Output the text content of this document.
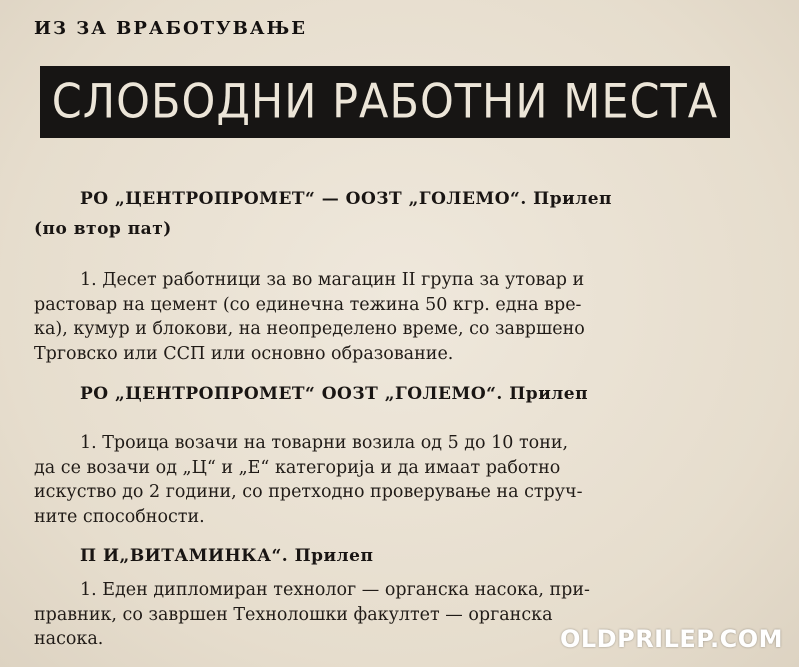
ИЗ ЗА ВРАБОТУВАЊЕ
СЛОБОДНИ РАБОТНИ МЕСТА
РО „ЦЕНТРОПРОМЕТ“ — ООЗТ „ГОЛЕМО“. Прилеп
(по втор пат)
1. Десет работници за во магацин II група за утовар и
растовар на цемент (со единечна тежина 50 кгр. една вре-
ка), кумур и блокови, на неопределено време, со завршено
Трговско или ССП или основно образование.
РО „ЦЕНТРОПРОМЕТ“ ООЗТ „ГОЛЕМО“. Прилеп
1. Троица возачи на товарни возила од 5 до 10 тони,
да се возачи од „Ц“ и „Е“ категорија и да имаат работно
искуство до 2 години, со претходно проверување на струч-
ните способности.
П И„ВИТАМИНКА“. Прилеп
1. Еден дипломиран технолог — органска насока, при-
правник, со завршен Технолошки факултет — органска
насока.	OLDPRILEP.COM
